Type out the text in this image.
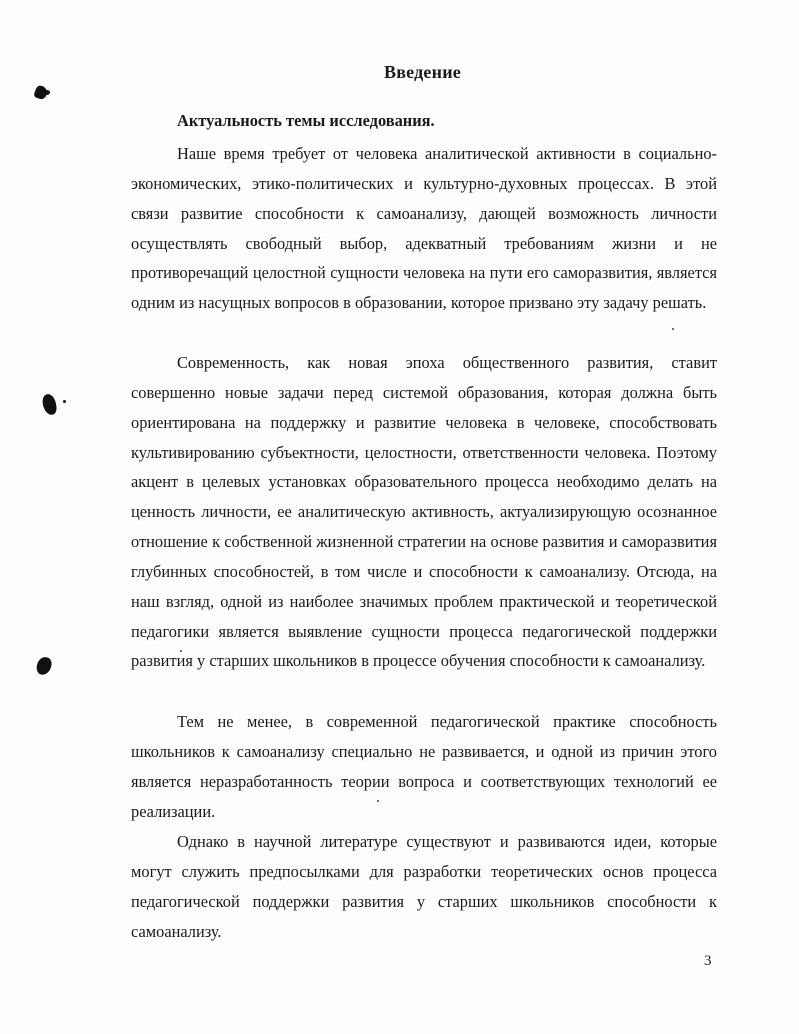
Введение
Актуальность темы исследования.

Наше время требует от человека аналитической активности в социально-экономических, этико-политических и культурно-духовных процессах. В этой связи развитие способности к самоанализу, дающей возможность личности осуществлять свободный выбор, адекватный требованиям жизни и не противоречащий целостной сущности человека на пути его саморазвития, является одним из насущных вопросов в образовании, которое призвано эту задачу решать.

Современность, как новая эпоха общественного развития, ставит совершенно новые задачи перед системой образования, которая должна быть ориентирована на поддержку и развитие человека в человеке, способствовать культивированию субъектности, целостности, ответственности человека. Поэтому акцент в целевых установках образовательного процесса необходимо делать на ценность личности, ее аналитическую активность, актуализирующую осознанное отношение к собственной жизненной стратегии на основе развития и саморазвития глубинных способностей, в том числе и способности к самоанализу. Отсюда, на наш взгляд, одной из наиболее значимых проблем практической и теоретической педагогики является выявление сущности процесса педагогической поддержки развития у старших школьников в процессе обучения способности к самоанализу.

Тем не менее, в современной педагогической практике способность школьников к самоанализу специально не развивается, и одной из причин этого является неразработанность теории вопроса и соответствующих технологий ее реализации.

Однако в научной литературе существуют и развиваются идеи, которые могут служить предпосылками для разработки теоретических основ процесса педагогической поддержки развития у старших школьников способности к самоанализу.

3
